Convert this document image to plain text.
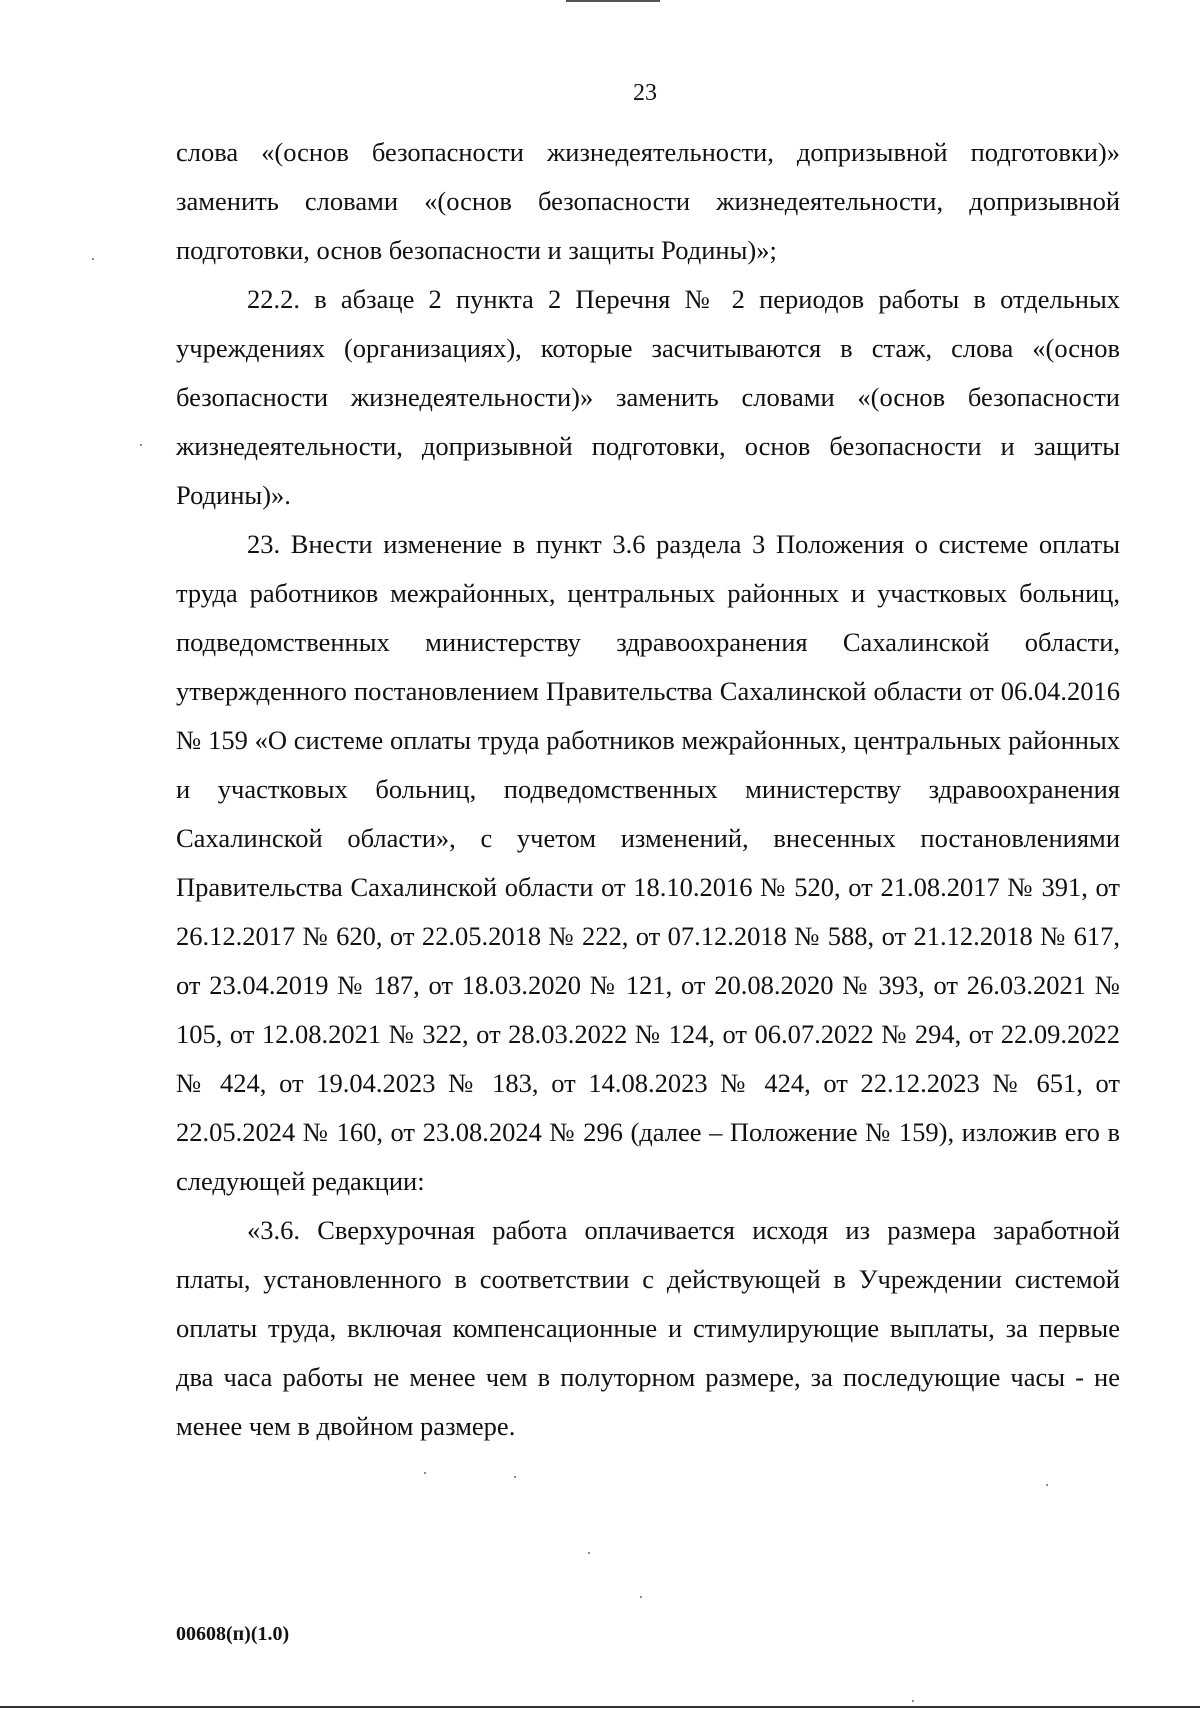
23

слова «(основ безопасности жизнедеятельности, допризывной подготовки)» заменить словами «(основ безопасности жизнедеятельности, допризывной подготовки, основ безопасности и защиты Родины)»;

22.2. в абзаце 2 пункта 2 Перечня № 2 периодов работы в отдельных учреждениях (организациях), которые засчитываются в стаж, слова «(основ безопасности жизнедеятельности)» заменить словами «(основ безопасности жизнедеятельности, допризывной подготовки, основ безопасности и защиты Родины)».

23. Внести изменение в пункт 3.6 раздела 3 Положения о системе оплаты труда работников межрайонных, центральных районных и участковых больниц, подведомственных министерству здравоохранения Сахалинской области, утвержденного постановлением Правительства Сахалинской области от 06.04.2016 № 159 «О системе оплаты труда работников межрайонных, центральных районных и участковых больниц, подведомственных министерству здравоохранения Сахалинской области», с учетом изменений, внесенных постановлениями Правительства Сахалинской области от 18.10.2016 № 520, от 21.08.2017 № 391, от 26.12.2017 № 620, от 22.05.2018 № 222, от 07.12.2018 № 588, от 21.12.2018 № 617, от 23.04.2019 № 187, от 18.03.2020 № 121, от 20.08.2020 № 393, от 26.03.2021 № 105, от 12.08.2021 № 322, от 28.03.2022 № 124, от 06.07.2022 № 294, от 22.09.2022 № 424, от 19.04.2023 № 183, от 14.08.2023 № 424, от 22.12.2023 № 651, от 22.05.2024 № 160, от 23.08.2024 № 296 (далее – Положение № 159), изложив его в следующей редакции:

«3.6. Сверхурочная работа оплачивается исходя из размера заработной платы, установленного в соответствии с действующей в Учреждении системой оплаты труда, включая компенсационные и стимулирующие выплаты, за первые два часа работы не менее чем в полуторном размере, за последующие часы - не менее чем в двойном размере.

00608(п)(1.0)
